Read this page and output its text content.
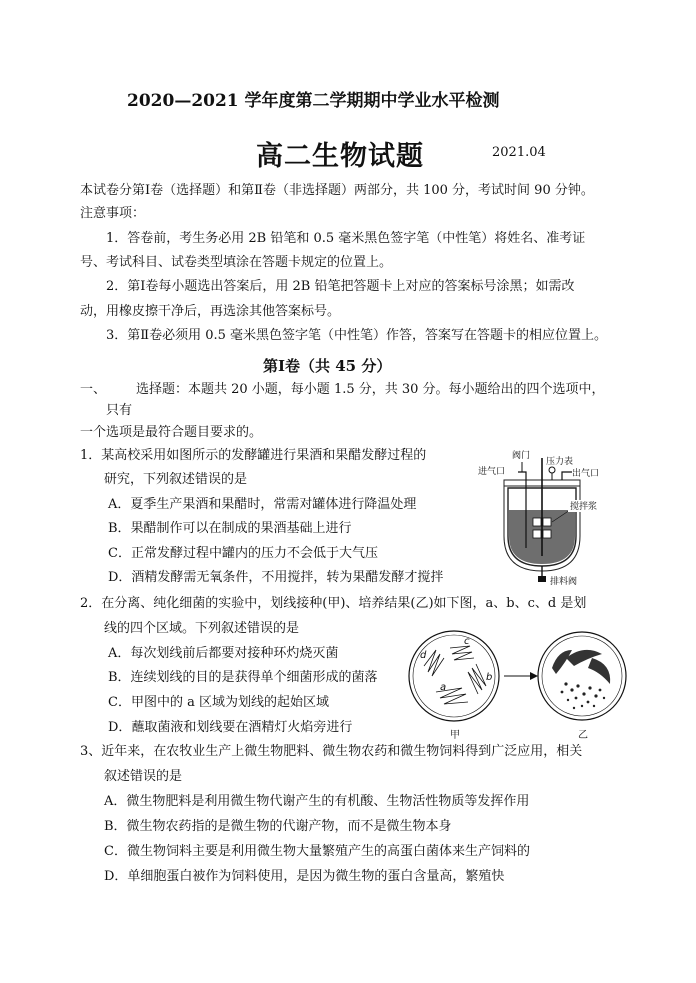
2020—2021 学年度第二学期期中学业水平检测
高二生物试题	2021.04
本试卷分第Ⅰ卷（选择题）和第Ⅱ卷（非选择题）两部分，共 100 分，考试时间 90 分钟。
注意事项：
1．答卷前，考生务必用 2B 铅笔和 0.5 毫米黑色签字笔（中性笔）将姓名、准考证
号、考试科目、试卷类型填涂在答题卡规定的位置上。
2．第Ⅰ卷每小题选出答案后，用 2B 铅笔把答题卡上对应的答案标号涂黑；如需改
动，用橡皮擦干净后，再选涂其他答案标号。
3．第Ⅱ卷必须用 0.5 毫米黑色签字笔（中性笔）作答，答案写在答题卡的相应位置上。
第Ⅰ卷（共 45 分）
一、 选择题：本题共 20 小题，每小题 1.5 分，共 30 分。每小题给出的四个选项中，
只有
一个选项是最符合题目要求的。
1．某高校采用如图所示的发酵罐进行果酒和果醋发酵过程的
研究，下列叙述错误的是
A．夏季生产果酒和果醋时，常需对罐体进行降温处理
B．果醋制作可以在制成的果酒基础上进行
C．正常发酵过程中罐内的压力不会低于大气压
D．酒精发酵需无氧条件，不用搅拌，转为果醋发酵才搅拌
阀门
压力表
进气口	出气口
搅拌浆
排料阀
2．在分离、纯化细菌的实验中，划线接种(甲)、培养结果(乙)如下图，a、b、c、d 是划
线的四个区域。下列叙述错误的是
A．每次划线前后都要对接种环灼烧灭菌
B．连续划线的目的是获得单个细菌形成的菌落
C．甲图中的 a 区域为划线的起始区域
D．蘸取菌液和划线要在酒精灯火焰旁进行
d
c
b
a
甲	乙
3、近年来，在农牧业生产上微生物肥料、微生物农药和微生物饲料得到广泛应用，相关
叙述错误的是
A．微生物肥料是利用微生物代谢产生的有机酸、生物活性物质等发挥作用
B．微生物农药指的是微生物的代谢产物，而不是微生物本身
C．微生物饲料主要是利用微生物大量繁殖产生的高蛋白菌体来生产饲料的
D．单细胞蛋白被作为饲料使用，是因为微生物的蛋白含量高，繁殖快
